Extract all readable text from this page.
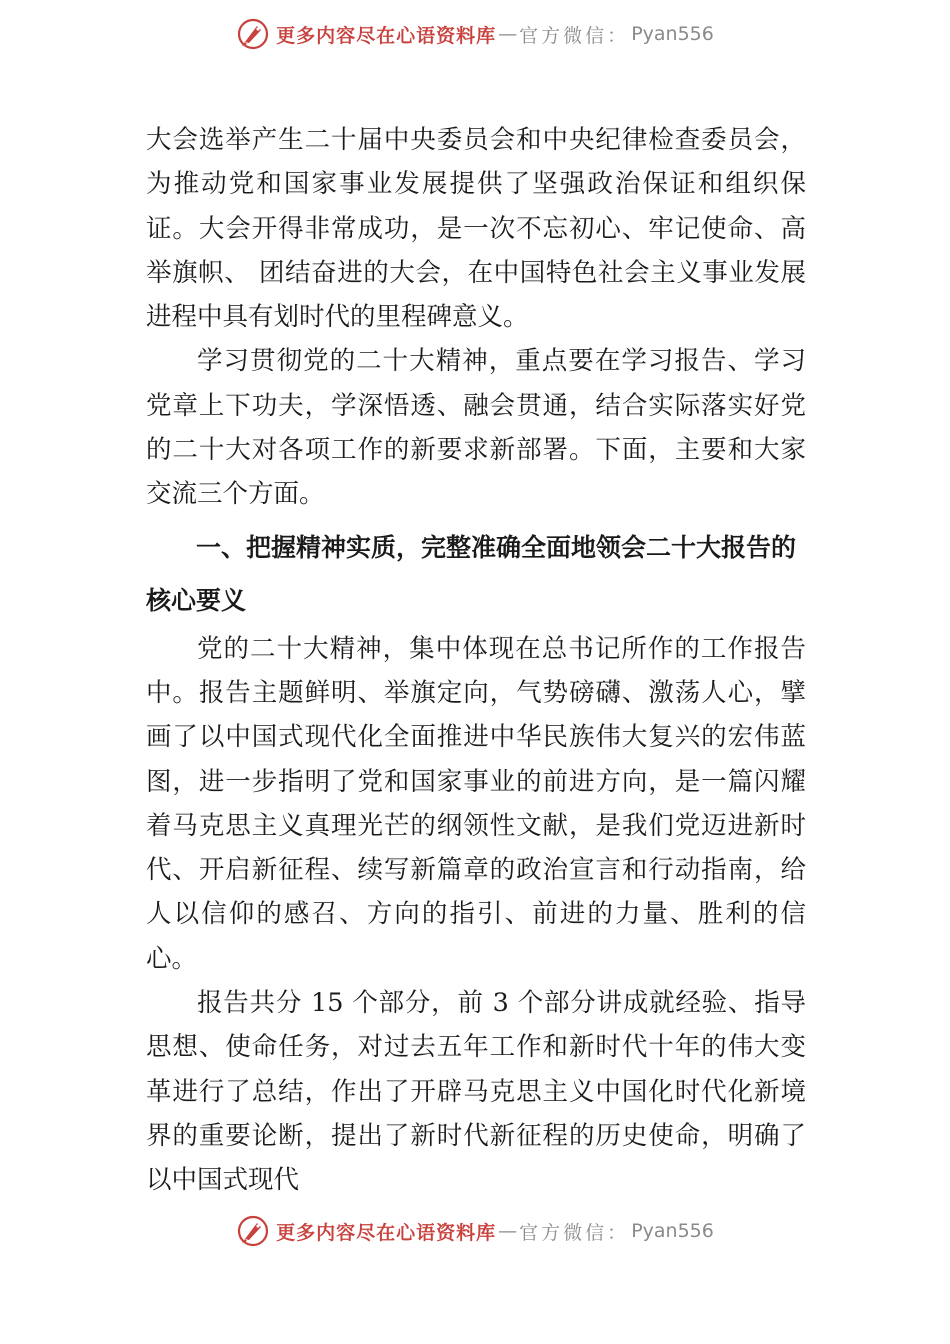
更多内容尽在心语资料库 — 官方微信： Pyan556

大会选举产生二十届中央委员会和中央纪律检查委员会，为推动党和国家事业发展提供了坚强政治保证和组织保证。大会开得非常成功，是一次不忘初心、牢记使命、高举旗帜、 团结奋进的大会，在中国特色社会主义事业发展进程中具有划时代的里程碑意义。

学习贯彻党的二十大精神，重点要在学习报告、学习党章上下功夫，学深悟透、融会贯通，结合实际落实好党的二十大对各项工作的新要求新部署。下面，主要和大家交流三个方面。

一、把握精神实质，完整准确全面地领会二十大报告的核心要义

党的二十大精神，集中体现在总书记所作的工作报告中。报告主题鲜明、举旗定向，气势磅礴、激荡人心，擘画了以中国式现代化全面推进中华民族伟大复兴的宏伟蓝图，进一步指明了党和国家事业的前进方向，是一篇闪耀着马克思主义真理光芒的纲领性文献，是我们党迈进新时代、开启新征程、续写新篇章的政治宣言和行动指南，给人以信仰的感召、方向的指引、前进的力量、胜利的信心。

报告共分 15 个部分，前 3 个部分讲成就经验、指导思想、使命任务，对过去五年工作和新时代十年的伟大变革进行了总结，作出了开辟马克思主义中国化时代化新境界的重要论断，提出了新时代新征程的历史使命，明确了以中国式现代

更多内容尽在心语资料库 — 官方微信： Pyan556
